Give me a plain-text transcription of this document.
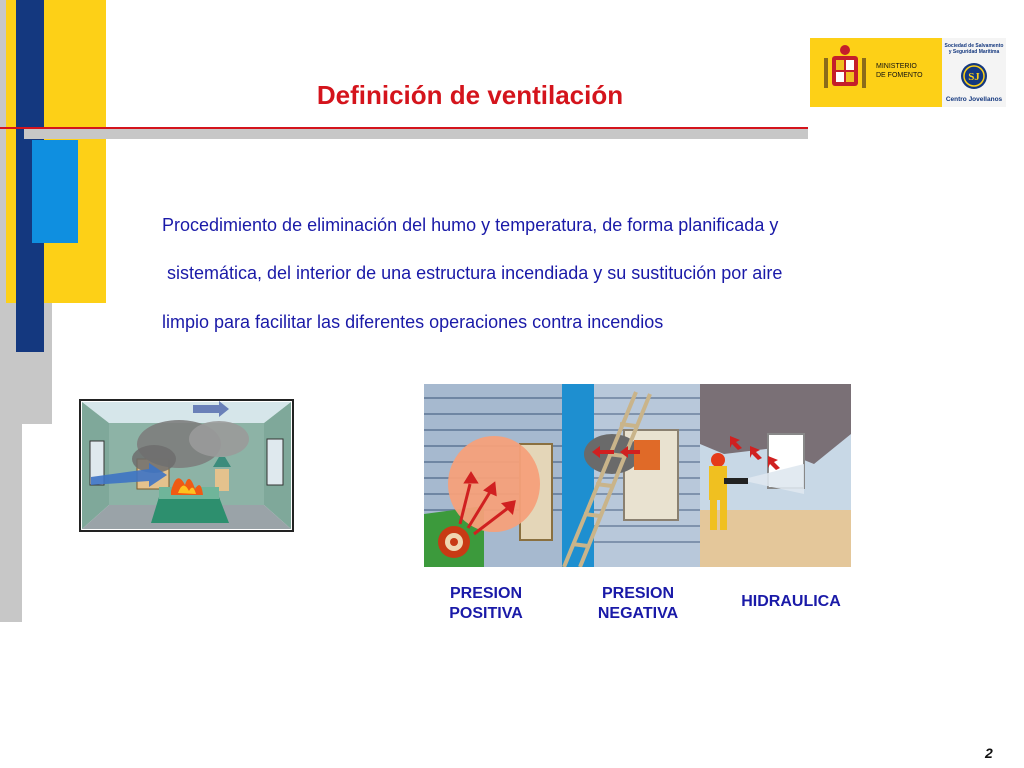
Definición de ventilación
MINISTERIO
DE FOMENTO
Sociedad de Salvamento
y Seguridad Marítima
SJ
Centro Jovellanos
Procedimiento de eliminación del humo y temperatura, de forma planificada y
sistemática, del interior de una estructura incendiada y su sustitución por aire
limpio para facilitar las diferentes operaciones contra incendios
PRESION
POSITIVA
PRESION
NEGATIVA
HIDRAULICA
2
